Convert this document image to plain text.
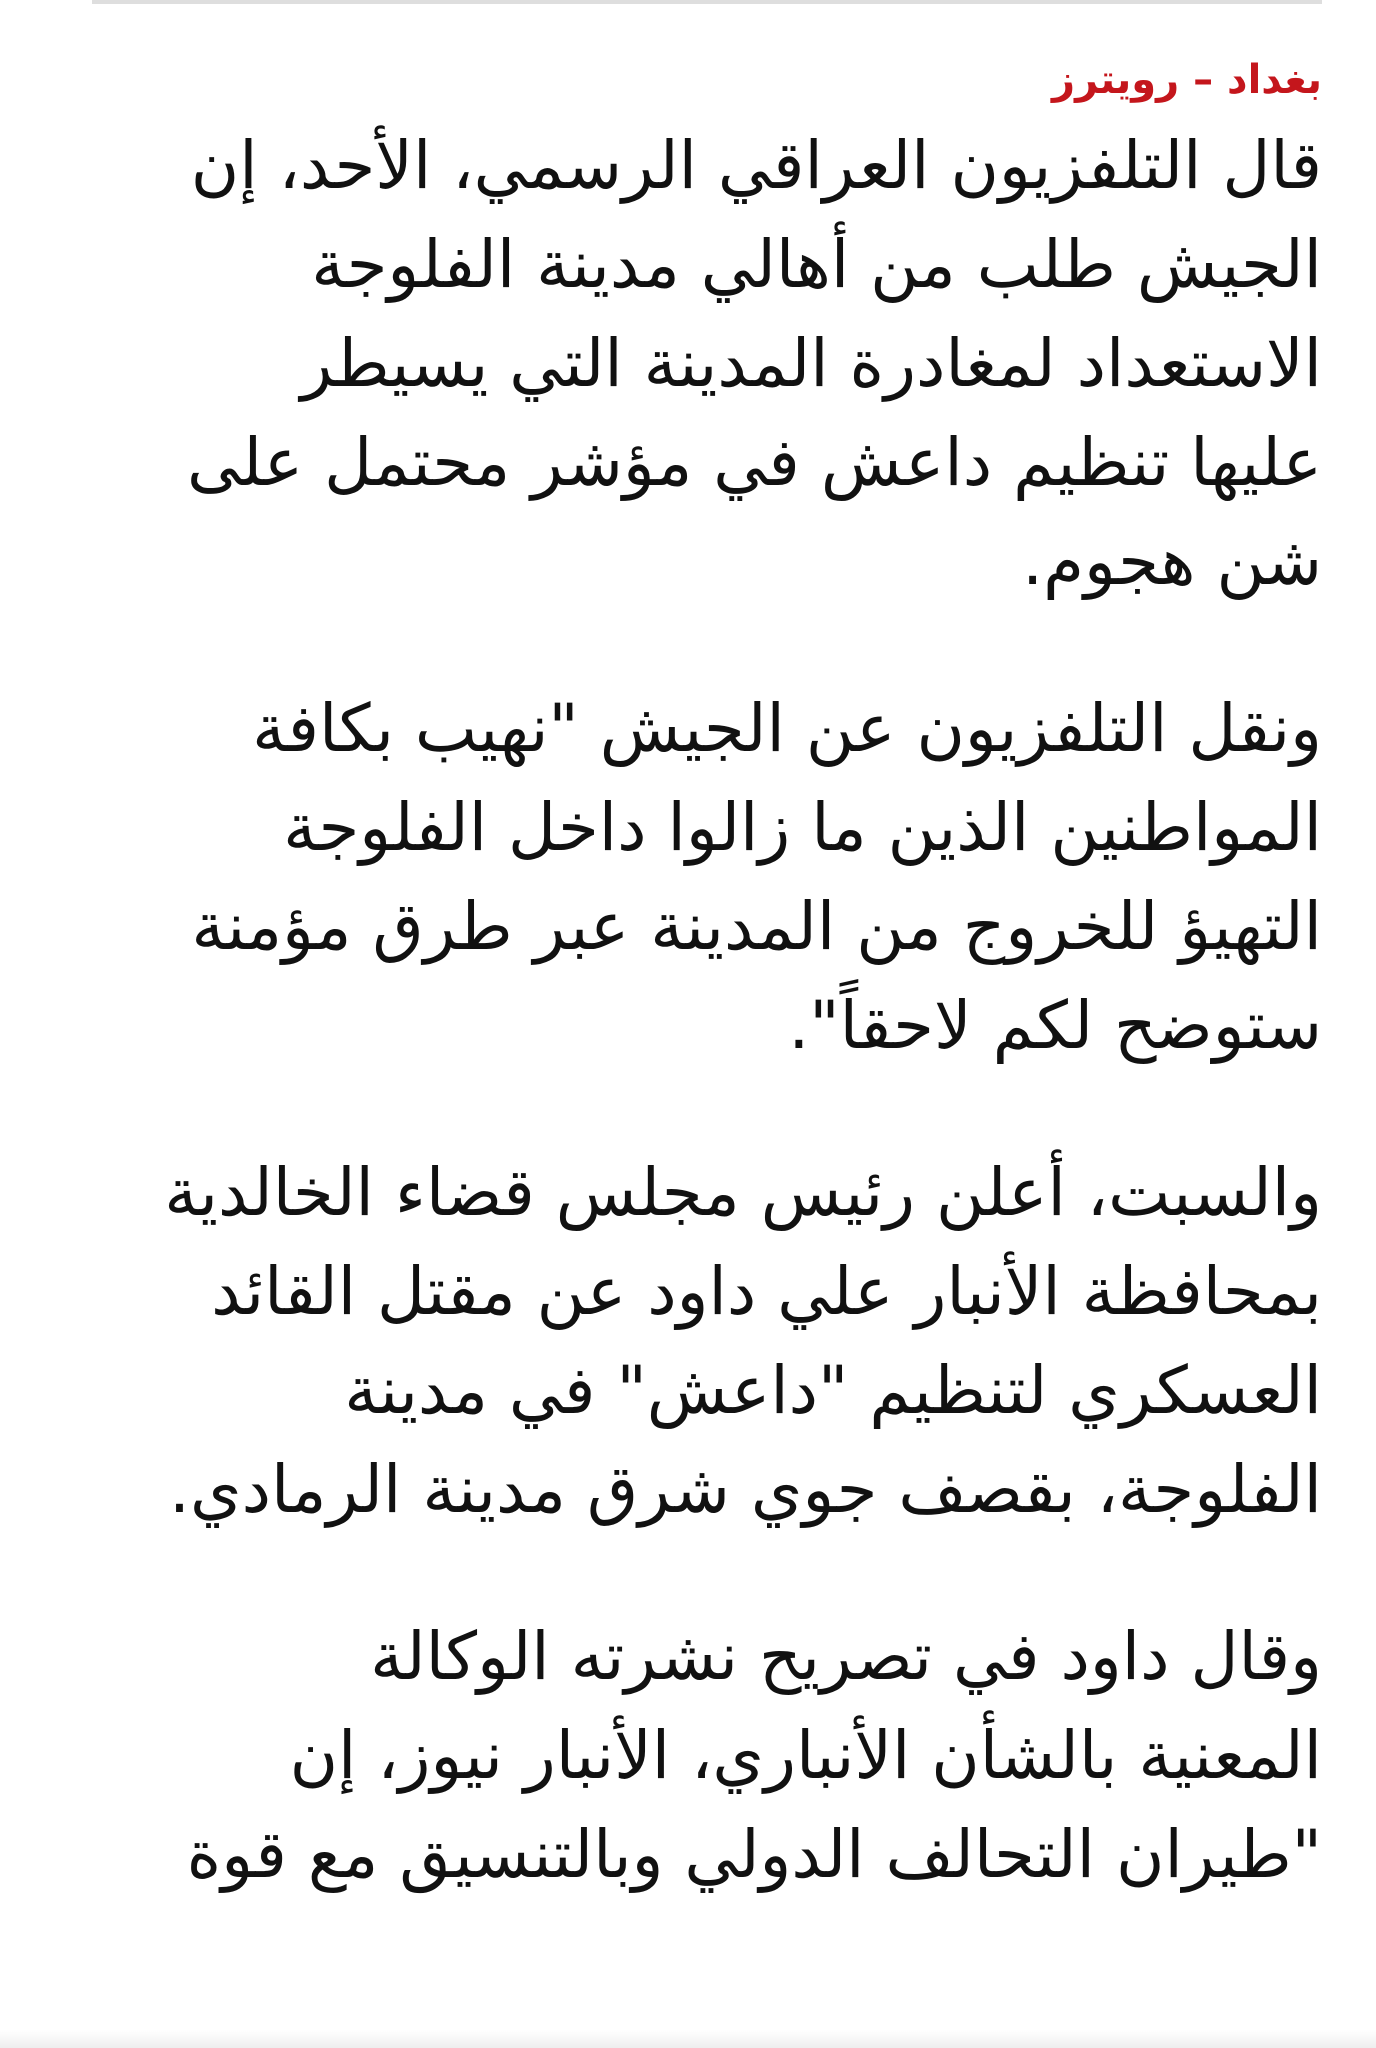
بغداد – رويترز
قال التلفزيون العراقي الرسمي، الأحد، إن
الجيش طلب من أهالي مدينة الفلوجة
الاستعداد لمغادرة المدينة التي يسيطر
عليها تنظيم داعش في مؤشر محتمل على
شن هجوم.
ونقل التلفزيون عن الجيش "نهيب بكافة
المواطنين الذين ما زالوا داخل الفلوجة
التهيؤ للخروج من المدينة عبر طرق مؤمنة
ستوضح لكم لاحقاً".
والسبت، أعلن رئيس مجلس قضاء الخالدية
بمحافظة الأنبار علي داود عن مقتل القائد
العسكري لتنظيم "داعش" في مدينة
الفلوجة، بقصف جوي شرق مدينة الرمادي.
وقال داود في تصريح نشرته الوكالة
المعنية بالشأن الأنباري، الأنبار نيوز، إن
"طيران التحالف الدولي وبالتنسيق مع قوة
